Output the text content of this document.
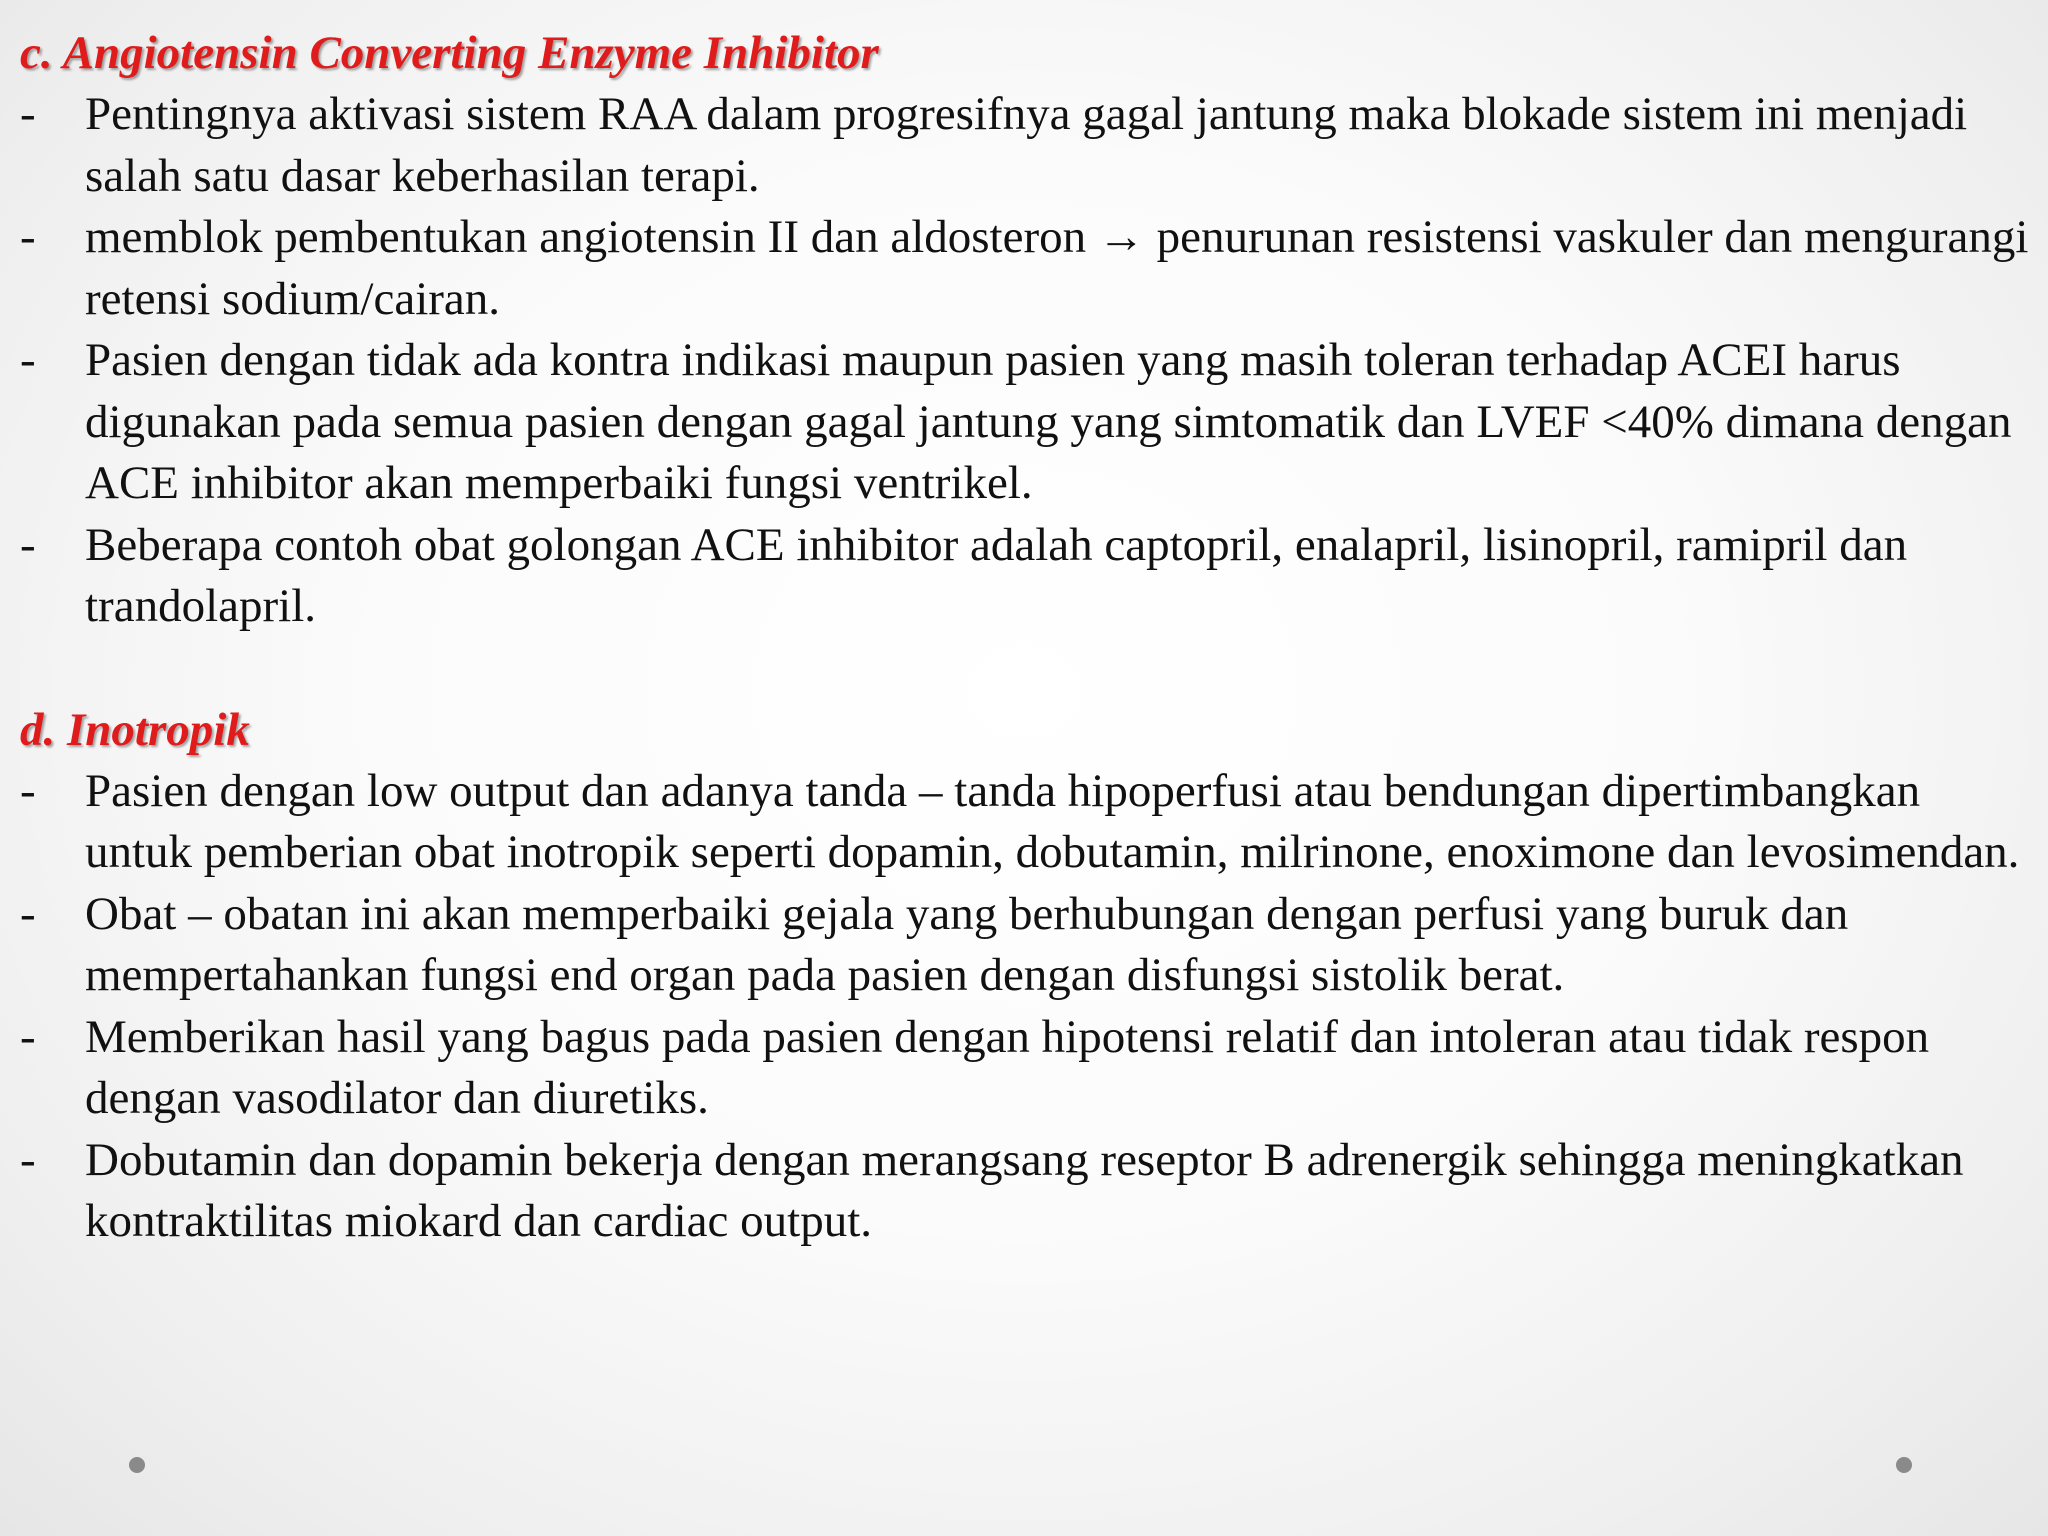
c. Angiotensin Converting Enzyme Inhibitor
-	Pentingnya aktivasi sistem RAA dalam progresifnya gagal jantung maka blokade sistem ini menjadi salah satu dasar keberhasilan terapi.
-	memblok pembentukan angiotensin II dan aldosteron → penurunan resistensi vaskuler dan mengurangi retensi sodium/cairan.
-	Pasien dengan tidak ada kontra indikasi maupun pasien yang masih toleran terhadap ACEI harus digunakan pada semua pasien dengan gagal jantung yang simtomatik dan LVEF <40% dimana dengan ACE inhibitor akan memperbaiki fungsi ventrikel.
-	Beberapa contoh obat golongan ACE inhibitor adalah captopril, enalapril, lisinopril, ramipril dan trandolapril.
d. Inotropik
-	Pasien dengan low output dan adanya tanda – tanda hipoperfusi atau bendungan dipertimbangkan untuk pemberian obat inotropik seperti dopamin, dobutamin, milrinone, enoximone dan levosimendan.
-	Obat – obatan ini akan memperbaiki gejala yang berhubungan dengan perfusi yang buruk dan mempertahankan fungsi end organ pada pasien dengan disfungsi sistolik berat.
-	Memberikan hasil yang bagus pada pasien dengan hipotensi relatif dan intoleran atau tidak respon dengan vasodilator dan diuretiks.
-	Dobutamin dan dopamin bekerja dengan merangsang reseptor B adrenergik sehingga meningkatkan kontraktilitas miokard dan cardiac output.
